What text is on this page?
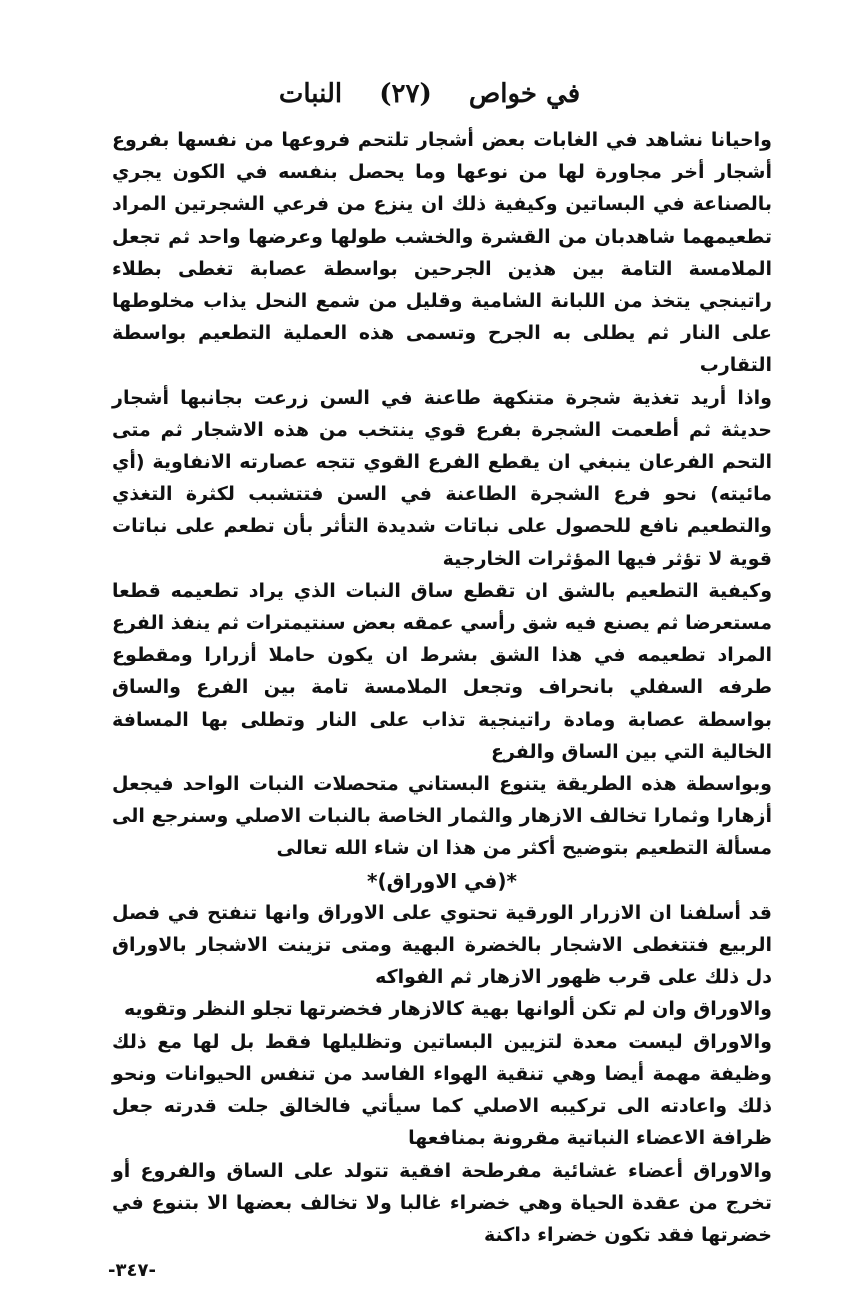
في خواص (٢٧) النبات

واحيانا نشاهد في الغابات بعض أشجار تلتحم فروعها من نفسها بفروع أشجار أخر مجاورة لها من نوعها وما يحصل بنفسه في الكون يجري بالصناعة في البساتين وكيفية ذلك ان ينزع من فرعي الشجرتين المراد تطعيمهما شاهدبان من القشرة والخشب طولها وعرضها واحد ثم تجعل الملامسة التامة بين هذين الجرحين بواسطة عصابة تغطى بطلاء راتينجي يتخذ من اللبانة الشامية وقليل من شمع النحل يذاب مخلوطها على النار ثم يطلى به الجرح وتسمى هذه العملية التطعيم بواسطة التقارب

واذا أريد تغذية شجرة متنكهة طاعنة في السن زرعت بجانبها أشجار حديثة ثم أطعمت الشجرة بفرع قوي ينتخب من هذه الاشجار ثم متى التحم الفرعان ينبغي ان يقطع الفرع القوي تتجه عصارته الانفاوية (أي مائيته) نحو فرع الشجرة الطاعنة في السن فتتشبب لكثرة التغذي والتطعيم نافع للحصول على نباتات شديدة التأثر بأن تطعم على نباتات قوية لا تؤثر فيها المؤثرات الخارجية

وكيفية التطعيم بالشق ان تقطع ساق النبات الذي يراد تطعيمه قطعا مستعرضا ثم يصنع فيه شق رأسي عمقه بعض سنتيمترات ثم ينفذ الفرع المراد تطعيمه في هذا الشق بشرط ان يكون حاملا أزرارا ومقطوع طرفه السفلي بانحراف وتجعل الملامسة تامة بين الفرع والساق بواسطة عصابة ومادة راتينجية تذاب على النار وتطلى بها المسافة الخالية التي بين الساق والفرع

وبواسطة هذه الطريقة يتنوع البستاني متحصلات النبات الواحد فيجعل أزهارا وثمارا تخالف الازهار والثمار الخاصة بالنبات الاصلي وسنرجع الى مسألة التطعيم بتوضيح أكثر من هذا ان شاء الله تعالى

*(في الاوراق)*

قد أسلفنا ان الازرار الورقية تحتوي على الاوراق وانها تنفتح في فصل الربيع فتتغطى الاشجار بالخضرة البهية ومتى تزينت الاشجار بالاوراق دل ذلك على قرب ظهور الازهار ثم الفواكه

والاوراق وان لم تكن ألوانها بهية كالازهار فخضرتها تجلو النظر وتقويه

والاوراق ليست معدة لتزيين البساتين وتظليلها فقط بل لها مع ذلك وظيفة مهمة أيضا وهي تنقية الهواء الفاسد من تنفس الحيوانات ونحو ذلك واعادته الى تركيبه الاصلي كما سيأتي فالخالق جلت قدرته جعل ظرافة الاعضاء النباتية مقرونة بمنافعها

والاوراق أعضاء غشائية مفرطحة افقية تتولد على الساق والفروع أو تخرج من عقدة الحياة وهي خضراء غالبا ولا تخالف بعضها الا بتنوع في خضرتها فقد تكون خضراء داكنة

-٣٤٧-
